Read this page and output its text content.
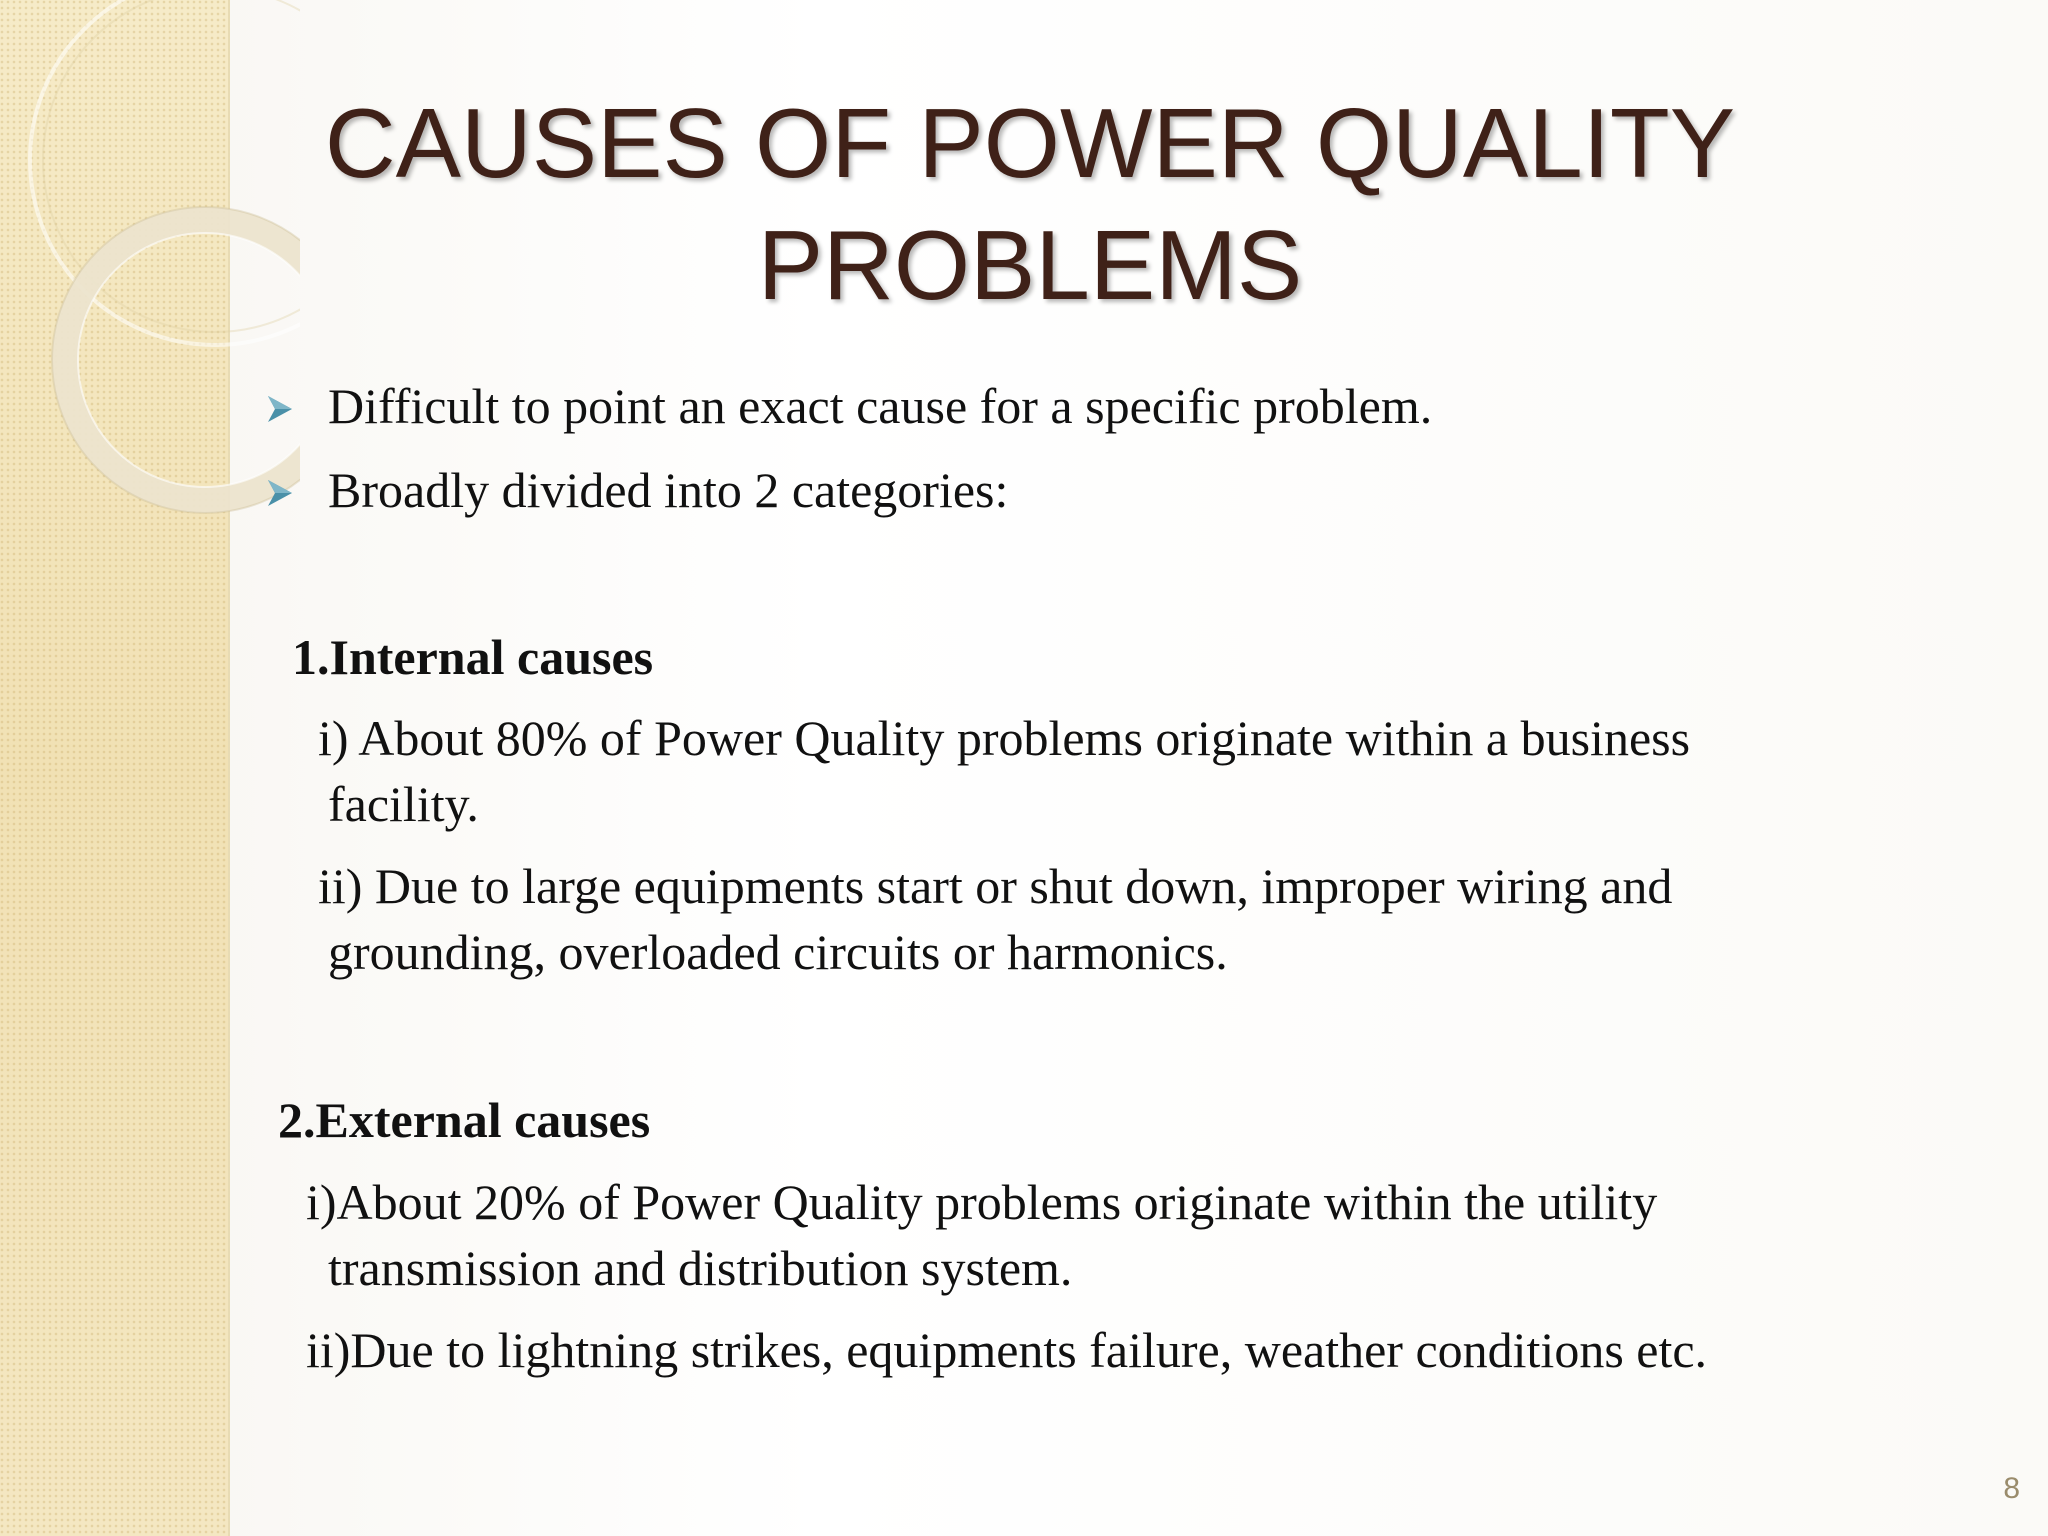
CAUSES OF POWER QUALITY
PROBLEMS
Difficult to point an exact cause for a specific problem.
Broadly divided into 2 categories:
1.Internal causes
i) About 80% of Power Quality problems originate within a business
facility.
ii) Due to large equipments start or shut down, improper wiring and
grounding, overloaded circuits or harmonics.
2.External causes
i)About 20% of Power Quality problems originate within the utility
transmission and distribution system.
ii)Due to lightning strikes, equipments failure, weather conditions etc.
8
